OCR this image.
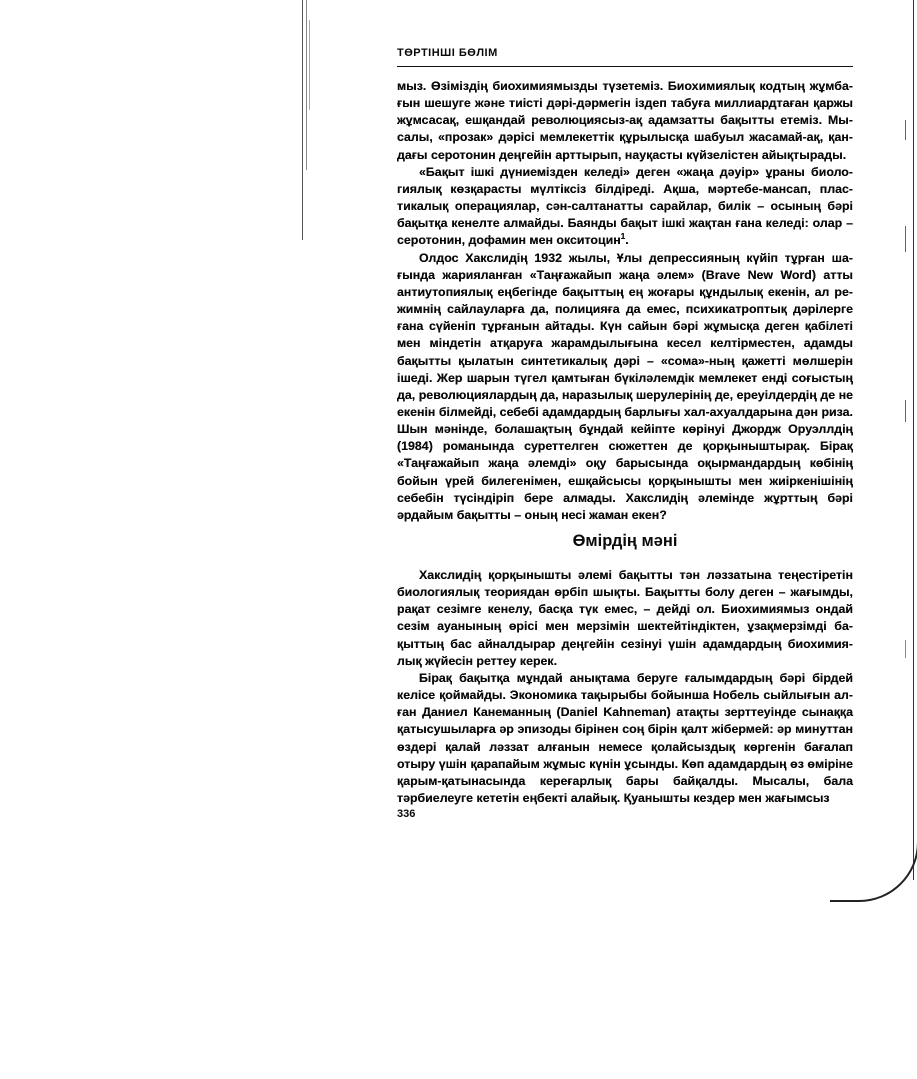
ТӨРТІНШІ БӨЛІМ

мыз. Өзіміздің биохимиямызды түзетеміз. Биохимиялық кодтың жұмбағын шешуге және тиісті дәрі-дәрмегін іздеп табуға миллиардтаған қаржы жұмсасақ, ешқандай революциясыз-ақ адамзатты бақытты етеміз. Мысалы, «прозак» дәрісі мемлекеттік құрылысқа шабуыл жасамай-ақ, қандағы серотонин деңгейін арттырып, науқасты күйзелістен айықтырады.

«Бақыт ішкі дүниемізден келеді» деген «жаңа дәуір» ұраны биологиялық көзқарасты мүлтіксіз білдіреді. Ақша, мәртебе-мансап, пластикалық операциялар, сән-салтанатты сарайлар, билік – осының бәрі бақытқа кенелте алмайды. Баянды бақыт ішкі жақтан ғана келеді: олар – серотонин, дофамин мен окситоцин$^1$.

Олдос Хакслидің 1932 жылы, Ұлы депрессияның күйіп тұрған шағында жарияланған «Таңғажайып жаңа әлем» (Brave New Word) атты антиутопиялық еңбегінде бақыттың ең жоғары құндылық екенін, ал режимнің сайлауларға да, полицияға да емес, психикатроптық дәрілерге ғана сүйеніп тұрғанын айтады. Күн сайын бәрі жұмысқа деген қабілеті мен міндетін атқаруға жарамдылығына кесел келтірместен, адамды бақытты қылатын синтетикалық дәрі – «сома»-ның қажетті мөлшерін ішеді. Жер шарын түгел қамтыған бүкіләлемдік мемлекет енді соғыстың да, революциялардың да, наразылық шерулерінің де, ереуілдердің де не екенін білмейді, себебі адамдардың барлығы хал-ахуалдарына дән риза. Шын мәнінде, болашақтың бұндай кейіпте көрінуі Джордж Оруэллдің (1984) романында суреттелген сюжеттен де қорқыныштырақ. Бірақ «Таңғажайып жаңа әлемді» оқу барысында оқырмандардың көбінің бойын үрей билегенімен, ешқайсысы қорқынышты мен жиіркенішінің себебін түсіндіріп бере алмады. Хакслидің әлемінде жұрттың бәрі әрдайым бақытты – оның несі жаман екен?

Өмірдің мәні

Хакслидің қорқынышты әлемі бақытты тән ләззатына теңестіретін биологиялық теориядан өрбіп шықты. Бақытты болу деген – жағымды, рақат сезімге кенелу, басқа түк емес, – дейді ол. Биохимиямыз ондай сезім ауанының өрісі мен мерзімін шектейтіндіктен, ұзақмерзімді бақыттың бас айналдырар деңгейін сезінуі үшін адамдардың биохимиялық жүйесін реттеу керек.

Бірақ бақытқа мұндай анықтама беруге ғалымдардың бәрі бірдей келісе қоймайды. Экономика тақырыбы бойынша Нобель сыйлығын алған Даниел Канеманның (Daniel Kahneman) атақты зерттеуінде сынаққа қатысушыларға әр эпизоды бірінен соң бірін қалт жібермей: әр минуттан өздері қалай ләззат алғанын немесе қолайсыздық көргенін бағалап отыру үшін қарапайым жұмыс күнін ұсынды. Көп адамдардың өз өміріне қарым-қатынасында кереғарлық бары байқалды. Мысалы, бала тәрбиелеуге кететін еңбекті алайық. Қуанышты кездер мен жағымсыз

336
